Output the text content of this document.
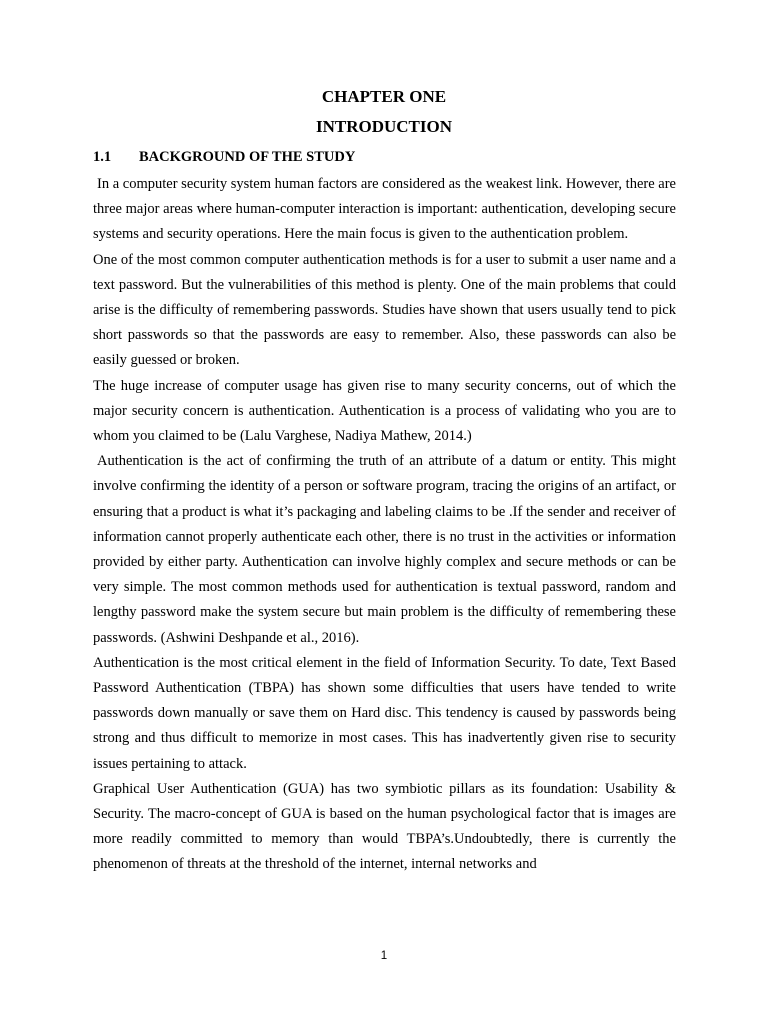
CHAPTER ONE
INTRODUCTION
1.1 BACKGROUND OF THE STUDY

In a computer security system human factors are considered as the weakest link. However, there are three major areas where human-computer interaction is important: authentication, developing secure systems and security operations. Here the main focus is given to the authentication problem.

One of the most common computer authentication methods is for a user to submit a user name and a text password. But the vulnerabilities of this method is plenty. One of the main problems that could arise is the difficulty of remembering passwords. Studies have shown that users usually tend to pick short passwords so that the passwords are easy to remember. Also, these passwords can also be easily guessed or broken.

The huge increase of computer usage has given rise to many security concerns, out of which the major security concern is authentication. Authentication is a process of validating who you are to whom you claimed to be (Lalu Varghese, Nadiya Mathew, 2014.)

Authentication is the act of confirming the truth of an attribute of a datum or entity. This might involve confirming the identity of a person or software program, tracing the origins of an artifact, or ensuring that a product is what it’s packaging and labeling claims to be .If the sender and receiver of information cannot properly authenticate each other, there is no trust in the activities or information provided by either party. Authentication can involve highly complex and secure methods or can be very simple. The most common methods used for authentication is textual password, random and lengthy password make the system secure but main problem is the difficulty of remembering these passwords. (Ashwini Deshpande et al., 2016).

Authentication is the most critical element in the field of Information Security. To date, Text Based Password Authentication (TBPA) has shown some difficulties that users have tended to write passwords down manually or save them on Hard disc. This tendency is caused by passwords being strong and thus difficult to memorize in most cases. This has inadvertently given rise to security issues pertaining to attack.

Graphical User Authentication (GUA) has two symbiotic pillars as its foundation: Usability & Security. The macro-concept of GUA is based on the human psychological factor that is images are more readily committed to memory than would TBPA’s.Undoubtedly, there is currently the phenomenon of threats at the threshold of the internet, internal networks and

1
